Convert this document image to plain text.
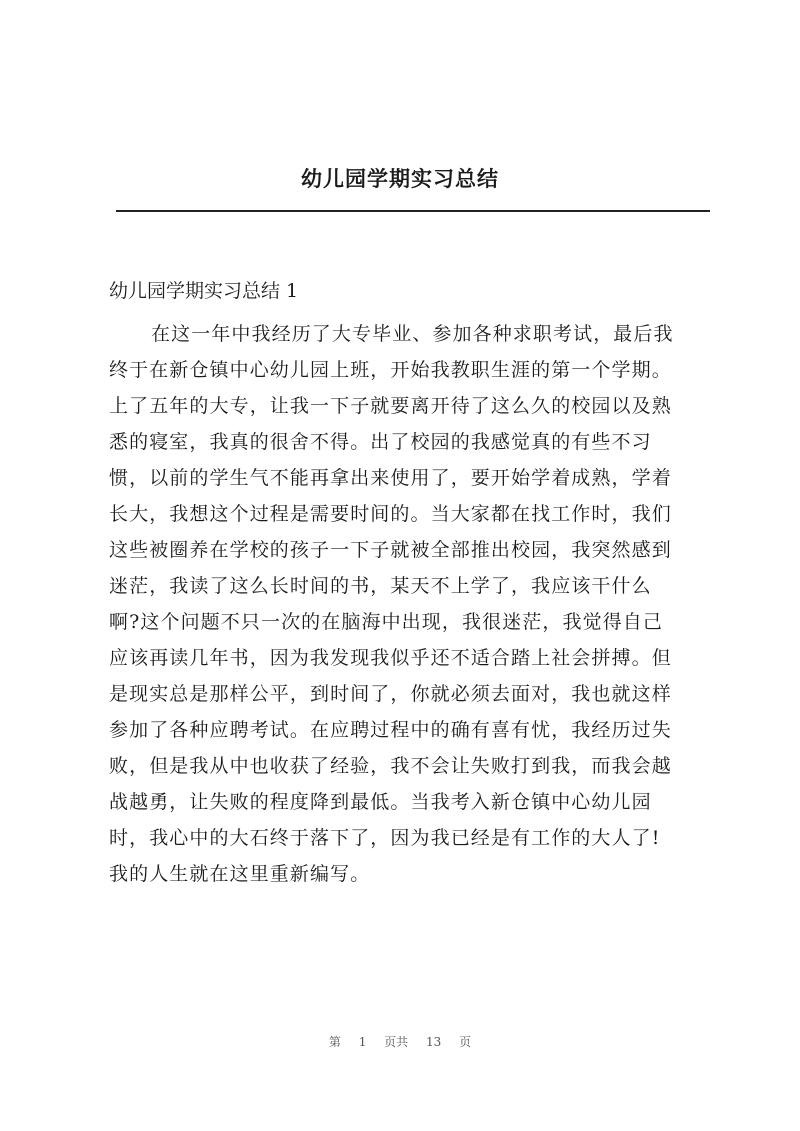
幼儿园学期实习总结
幼儿园学期实习总结 1
在这一年中我经历了大专毕业、参加各种求职考试，最后我
终于在新仓镇中心幼儿园上班，开始我教职生涯的第一个学期。
上了五年的大专，让我一下子就要离开待了这么久的校园以及熟
悉的寝室，我真的很舍不得。出了校园的我感觉真的有些不习
惯，以前的学生气不能再拿出来使用了，要开始学着成熟，学着
长大，我想这个过程是需要时间的。当大家都在找工作时，我们
这些被圈养在学校的孩子一下子就被全部推出校园，我突然感到
迷茫，我读了这么长时间的书，某天不上学了，我应该干什么
啊?这个问题不只一次的在脑海中出现，我很迷茫，我觉得自己
应该再读几年书，因为我发现我似乎还不适合踏上社会拼搏。但
是现实总是那样公平，到时间了，你就必须去面对，我也就这样
参加了各种应聘考试。在应聘过程中的确有喜有忧，我经历过失
败，但是我从中也收获了经验，我不会让失败打到我，而我会越
战越勇，让失败的程度降到最低。当我考入新仓镇中心幼儿园
时，我心中的大石终于落下了，因为我已经是有工作的大人了!
我的人生就在这里重新编写。
第 1 页共 13 页
